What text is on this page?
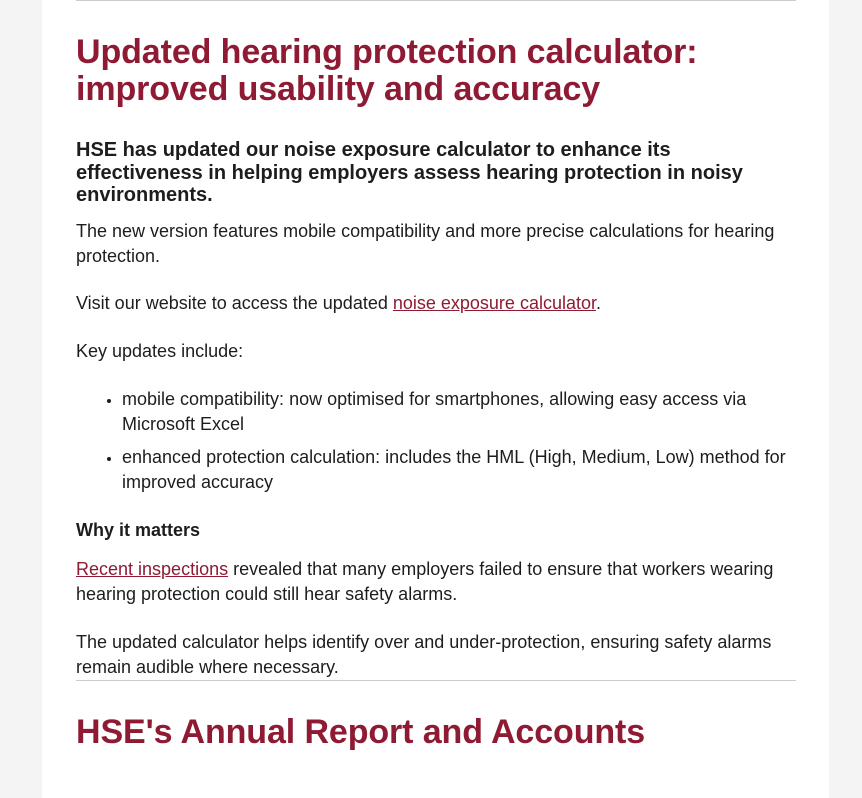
Updated hearing protection calculator: improved usability and accuracy
HSE has updated our noise exposure calculator to enhance its effectiveness in helping employers assess hearing protection in noisy environments.

The new version features mobile compatibility and more precise calculations for hearing protection.

Visit our website to access the updated noise exposure calculator.

Key updates include:

• mobile compatibility: now optimised for smartphones, allowing easy access via Microsoft Excel
• enhanced protection calculation: includes the HML (High, Medium, Low) method for improved accuracy
Why it matters

Recent inspections revealed that many employers failed to ensure that workers wearing hearing protection could still hear safety alarms.

The updated calculator helps identify over and under-protection, ensuring safety alarms remain audible where necessary.

HSE's Annual Report and Accounts
